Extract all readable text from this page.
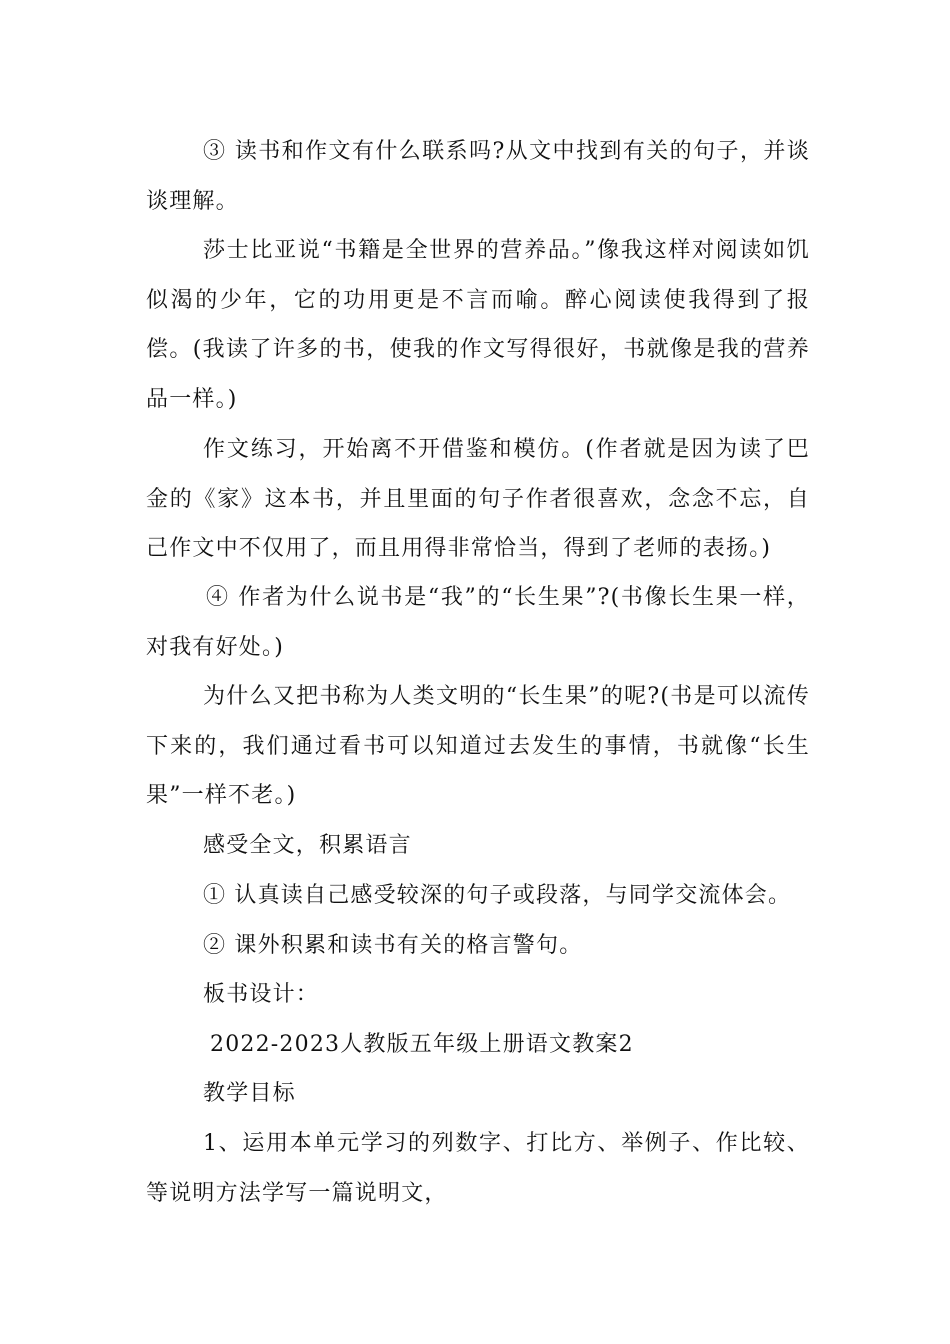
③ 读书和作文有什么联系吗?从文中找到有关的句子，并谈谈理解。

莎士比亚说“书籍是全世界的营养品。”像我这样对阅读如饥似渴的少年，它的功用更是不言而喻。醉心阅读使我得到了报偿。(我读了许多的书，使我的作文写得很好，书就像是我的营养品一样。)

作文练习，开始离不开借鉴和模仿。(作者就是因为读了巴金的《家》这本书，并且里面的句子作者很喜欢，念念不忘，自己作文中不仅用了，而且用得非常恰当，得到了老师的表扬。)

④ 作者为什么说书是“我”的“长生果”?(书像长生果一样，对我有好处。)

为什么又把书称为人类文明的“长生果”的呢?(书是可以流传下来的，我们通过看书可以知道过去发生的事情，书就像“长生果”一样不老。)

感受全文，积累语言

① 认真读自己感受较深的句子或段落，与同学交流体会。

② 课外积累和读书有关的格言警句。

板书设计：

2022-2023人教版五年级上册语文教案2

教学目标

1、运用本单元学习的列数字、打比方、举例子、作比较、等说明方法学写一篇说明文，
